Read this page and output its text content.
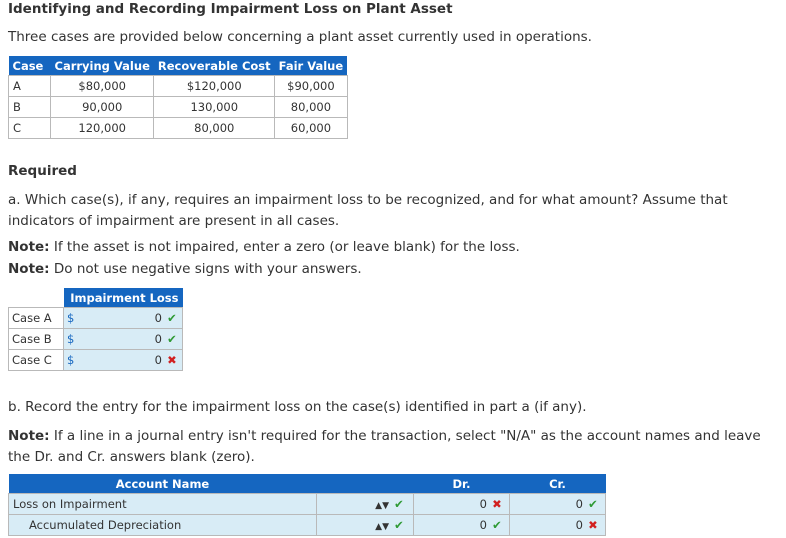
Identifying and Recording Impairment Loss on Plant Asset
Three cases are provided below concerning a plant asset currently used in operations.
Case	Carrying Value	Recoverable Cost	Fair Value
A	$80,000	$120,000	$90,000
B	90,000	130,000	80,000
C	120,000	80,000	60,000
Required
a. Which case(s), if any, requires an impairment loss to be recognized, and for what amount? Assume that indicators of impairment are present in all cases.
Note: If the asset is not impaired, enter a zero (or leave blank) for the loss.
Note: Do not use negative signs with your answers.
	Impairment Loss	
Case A	$	0 ✔
Case B	$	0 ✔
Case C	$	0 ✖
b. Record the entry for the impairment loss on the case(s) identified in part a (if any).
Note: If a line in a journal entry isn't required for the transaction, select "N/A" as the account names and leave the Dr. and Cr. answers blank (zero).
Account Name		Dr.	Cr.
Loss on Impairment	▲▼ ✔	0 ✖	0 ✔
Accumulated Depreciation	▲▼ ✔	0 ✔	0 ✖
